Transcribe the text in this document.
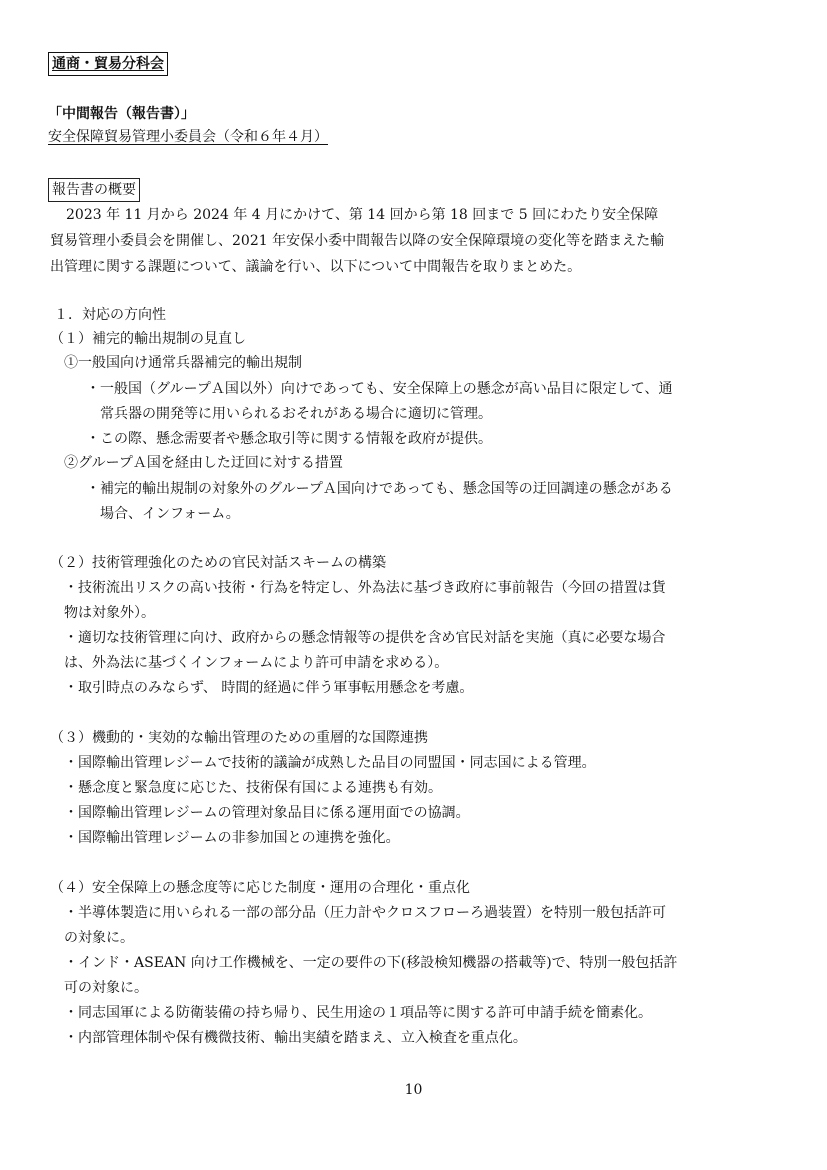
通商・貿易分科会
「中間報告（報告書）」
安全保障貿易管理小委員会（令和６年４月）
報告書の概要
2023 年 11 月から 2024 年 4 月にかけて、第 14 回から第 18 回まで 5 回にわたり安全保障
貿易管理小委員会を開催し、2021 年安保小委中間報告以降の安全保障環境の変化等を踏まえた輸
出管理に関する課題について、議論を行い、以下について中間報告を取りまとめた。
１．対応の方向性
（１）補完的輸出規制の見直し
①一般国向け通常兵器補完的輸出規制
・一般国（グループＡ国以外）向けであっても、安全保障上の懸念が高い品目に限定して、通
常兵器の開発等に用いられるおそれがある場合に適切に管理。
・この際、懸念需要者や懸念取引等に関する情報を政府が提供。
②グループＡ国を経由した迂回に対する措置
・補完的輸出規制の対象外のグループＡ国向けであっても、懸念国等の迂回調達の懸念がある
場合、インフォーム。
（２）技術管理強化のための官民対話スキームの構築
・技術流出リスクの高い技術・行為を特定し、外為法に基づき政府に事前報告（今回の措置は貨
物は対象外）。
・適切な技術管理に向け、政府からの懸念情報等の提供を含め官民対話を実施（真に必要な場合
は、外為法に基づくインフォームにより許可申請を求める）。
・取引時点のみならず、 時間的経過に伴う軍事転用懸念を考慮。
（３）機動的・実効的な輸出管理のための重層的な国際連携
・国際輸出管理レジームで技術的議論が成熟した品目の同盟国・同志国による管理。
・懸念度と緊急度に応じた、技術保有国による連携も有効。
・国際輸出管理レジームの管理対象品目に係る運用面での協調。
・国際輸出管理レジームの非参加国との連携を強化。
（４）安全保障上の懸念度等に応じた制度・運用の合理化・重点化
・半導体製造に用いられる一部の部分品（圧力計やクロスフローろ過装置）を特別一般包括許可
の対象に。
・インド・ASEAN 向け工作機械を、一定の要件の下(移設検知機器の搭載等)で、特別一般包括許
可の対象に。
・同志国軍による防衛装備の持ち帰り、民生用途の１項品等に関する許可申請手続を簡素化。
・内部管理体制や保有機微技術、輸出実績を踏まえ、立入検査を重点化。
10
